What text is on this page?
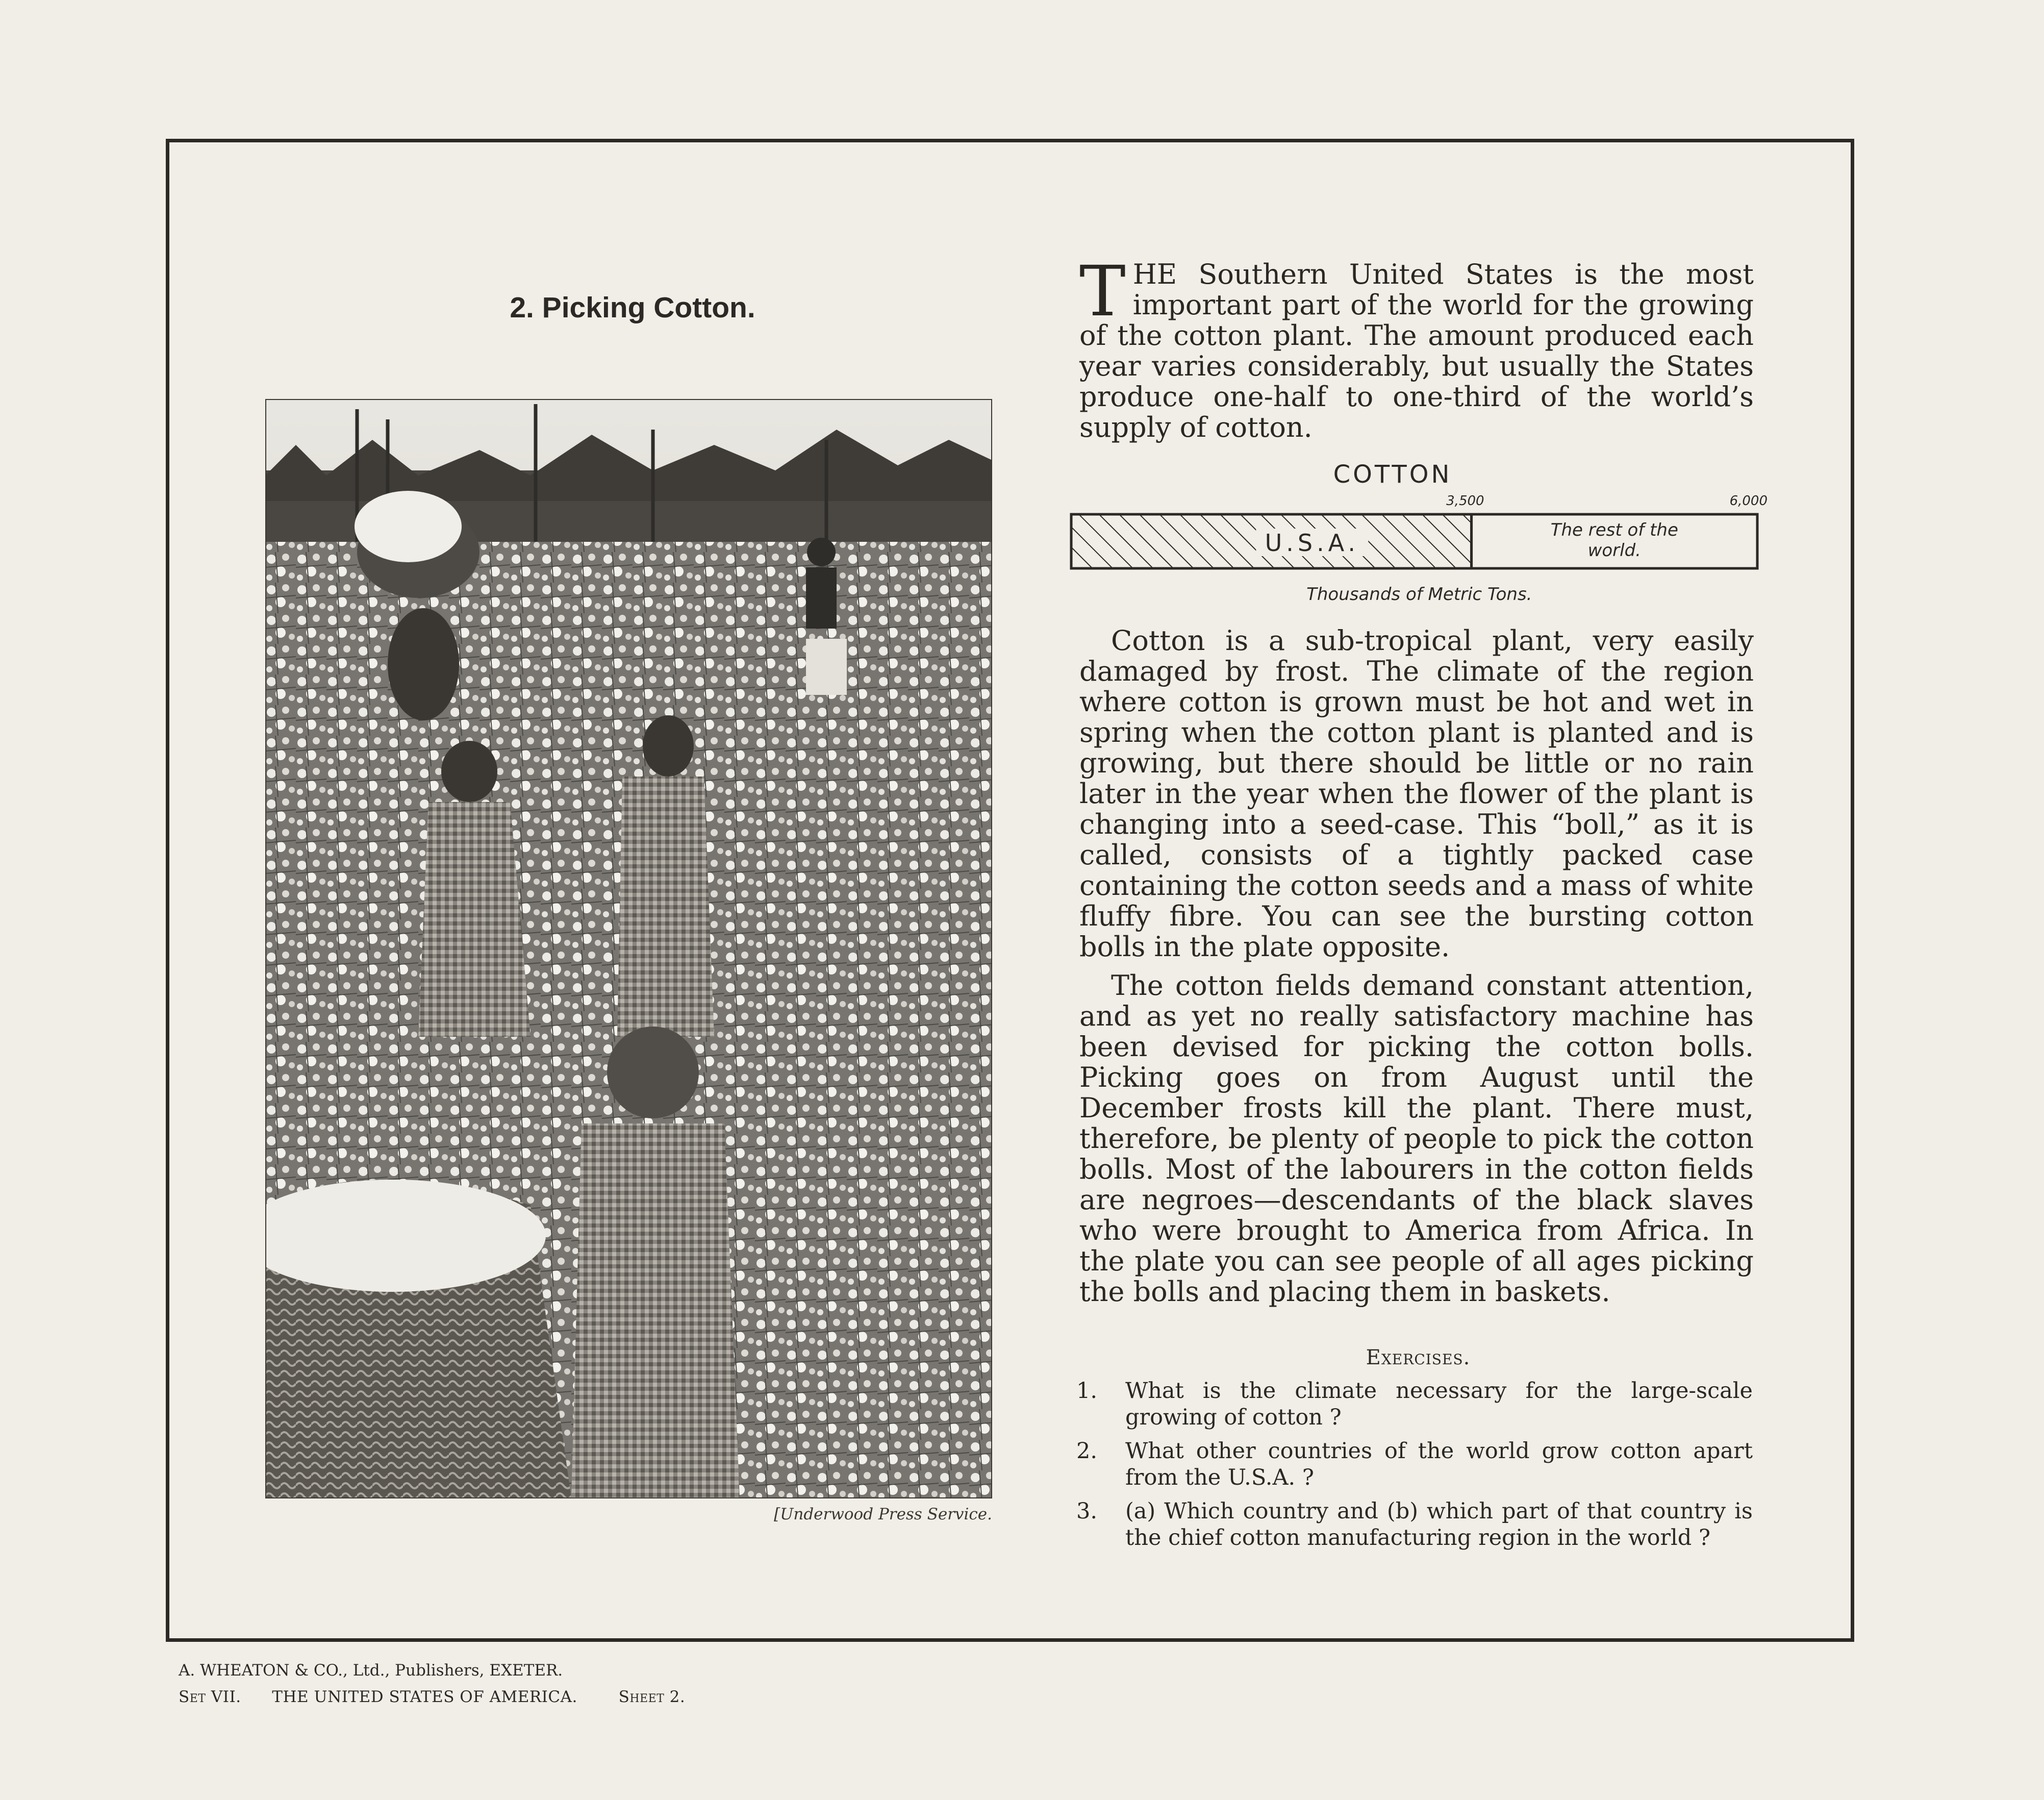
2. Picking Cotton.
[Underwood Press Service.

T HE Southern United States is the most important part of the world for the growing of the cotton plant. The amount produced each year varies considerably, but usually the States produce one-half to one-third of the world’s supply of cotton.

COTTON
U.S.A.	The rest of the
world.
3,500	6,000
Thousands of Metric Tons.

Cotton is a sub-tropical plant, very easily damaged by frost. The climate of the region where cotton is grown must be hot and wet in spring when the cotton plant is planted and is growing, but there should be little or no rain later in the year when the flower of the plant is changing into a seed-case. This “boll,” as it is called, consists of a tightly packed case containing the cotton seeds and a mass of white fluffy fibre. You can see the bursting cotton bolls in the plate opposite.

The cotton fields demand constant attention, and as yet no really satisfactory machine has been devised for picking the cotton bolls. Picking goes on from August until the December frosts kill the plant. There must, therefore, be plenty of people to pick the cotton bolls. Most of the labourers in the cotton fields are negroes—descendants of the black slaves who were brought to America from Africa. In the plate you can see people of all ages picking the bolls and placing them in baskets.

Exercises.
1.	What is the climate necessary for the large-scale growing of cotton ?
2.	What other countries of the world grow cotton apart from the U.S.A. ?
3.	(a) Which country and (b) which part of that country is the chief cotton manufacturing region in the world ?
A. WHEATON & CO., Ltd., Publishers, EXETER.
Set VII. THE UNITED STATES OF AMERICA.	Sheet 2.
